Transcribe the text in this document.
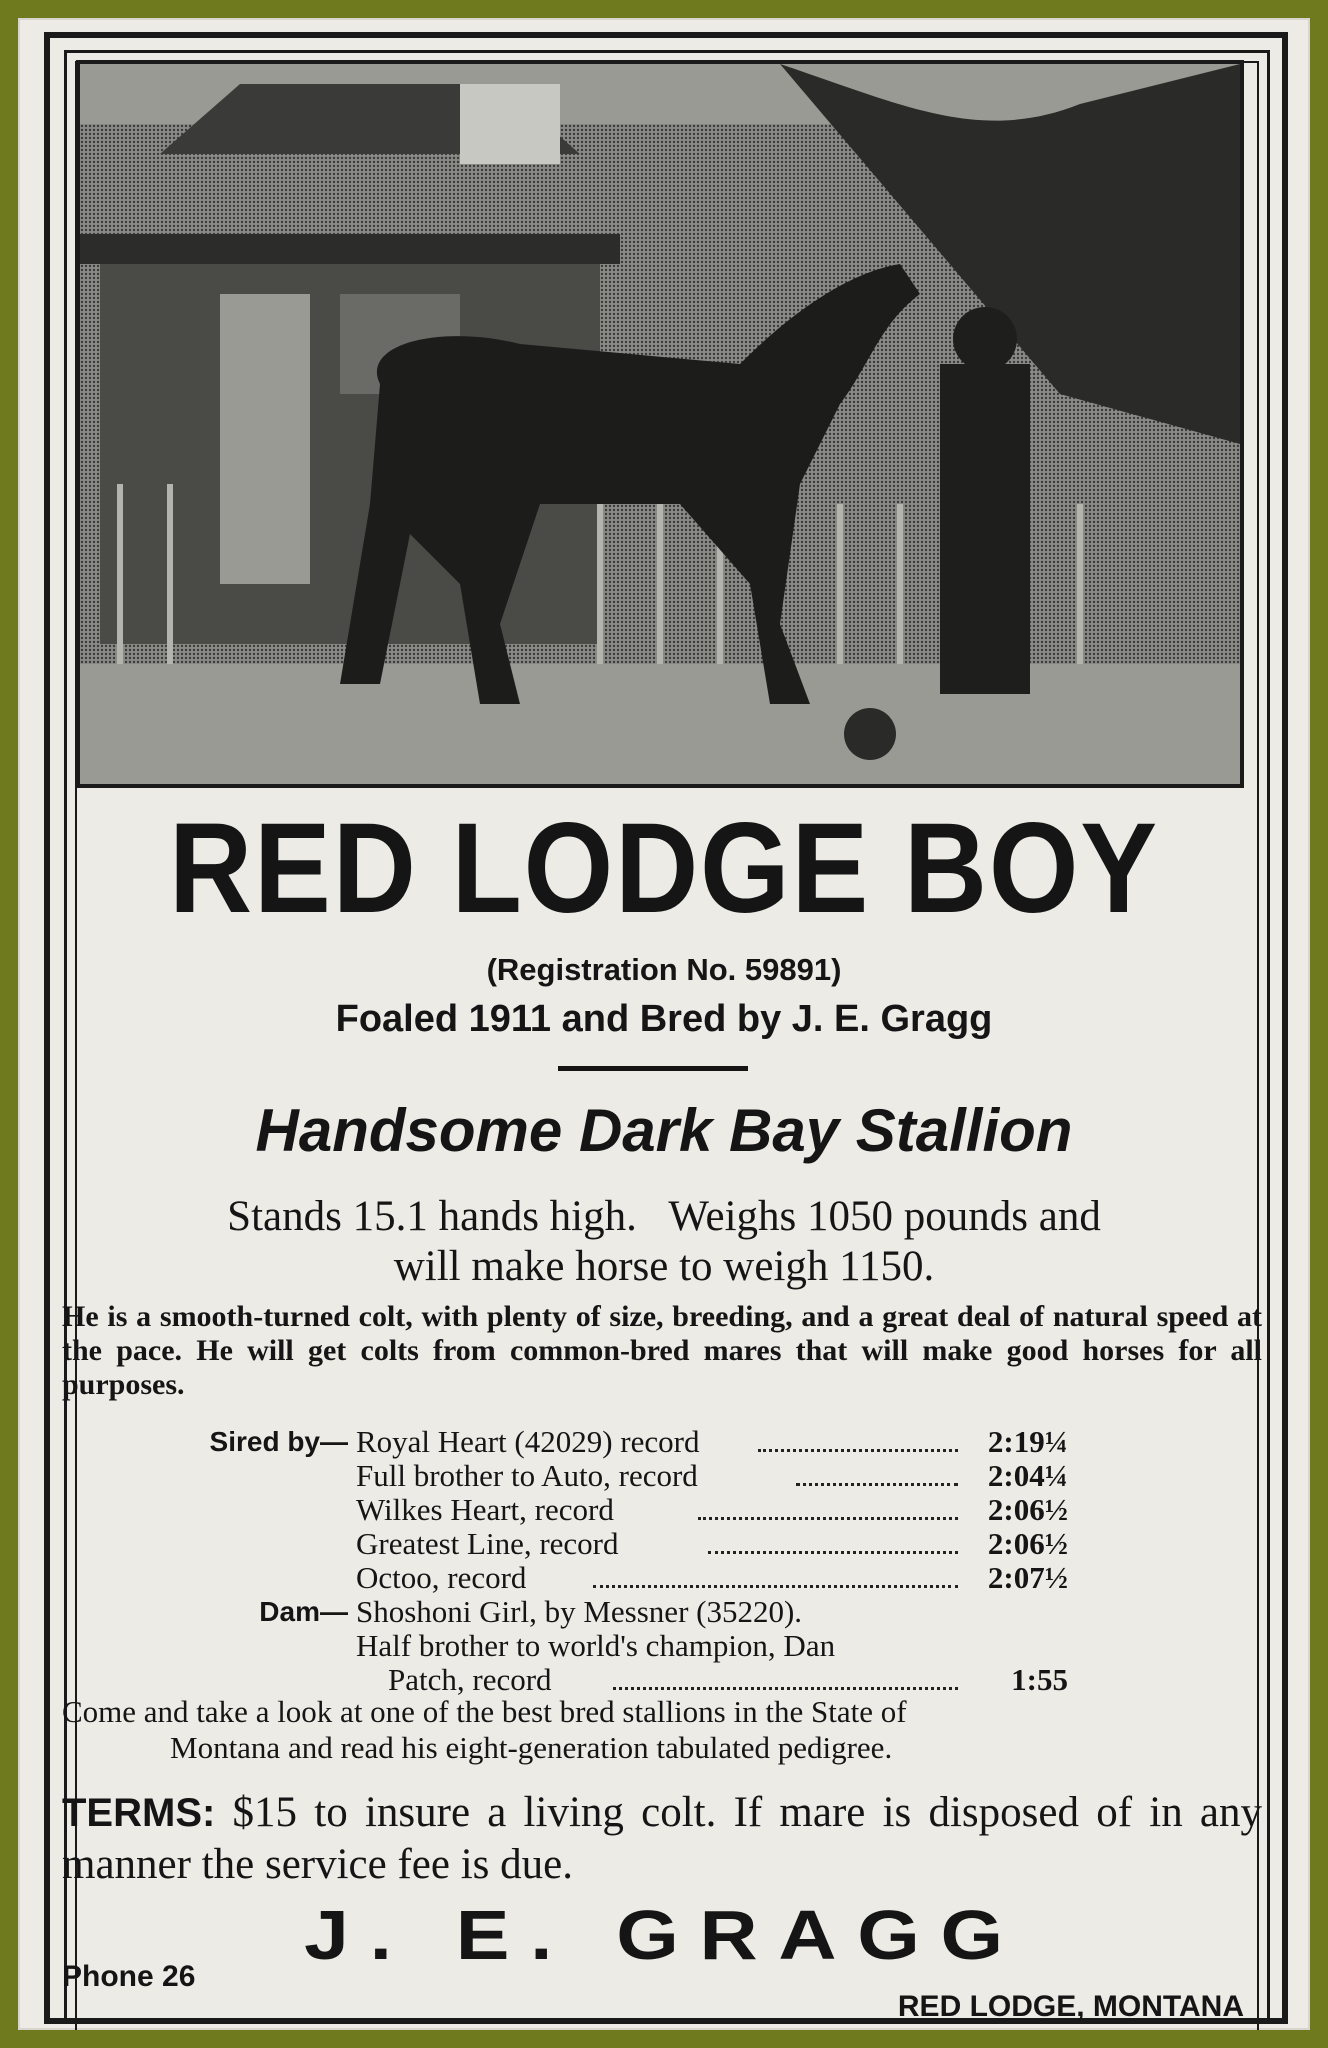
RED LODGE BOY
(Registration No. 59891)
Foaled 1911 and Bred by J. E. Gragg
Handsome Dark Bay Stallion
Stands 15.1 hands high.   Weighs 1050 pounds and
will make horse to weigh 1150.
He is a smooth-turned colt, with plenty of size, breeding, and a great deal of natural speed at the pace. He will get colts from common-bred mares that will make good horses for all purposes.
Sired by— Royal Heart (42029) record	2:19¼
Full brother to Auto, record	2:04¼
Wilkes Heart, record	2:06½
Greatest Line, record	2:06½
Octoo, record	2:07½
Dam— Shoshoni Girl, by Messner (35220).
Half brother to world's champion, Dan
Patch, record	1:55
Come and take a look at one of the best bred stallions in the State of
Montana and read his eight-generation tabulated pedigree.
TERMS: $15 to insure a living colt. If mare is disposed of in any manner the service fee is due.
J. E. GRAGG
Phone 26
RED LODGE, MONTANA
